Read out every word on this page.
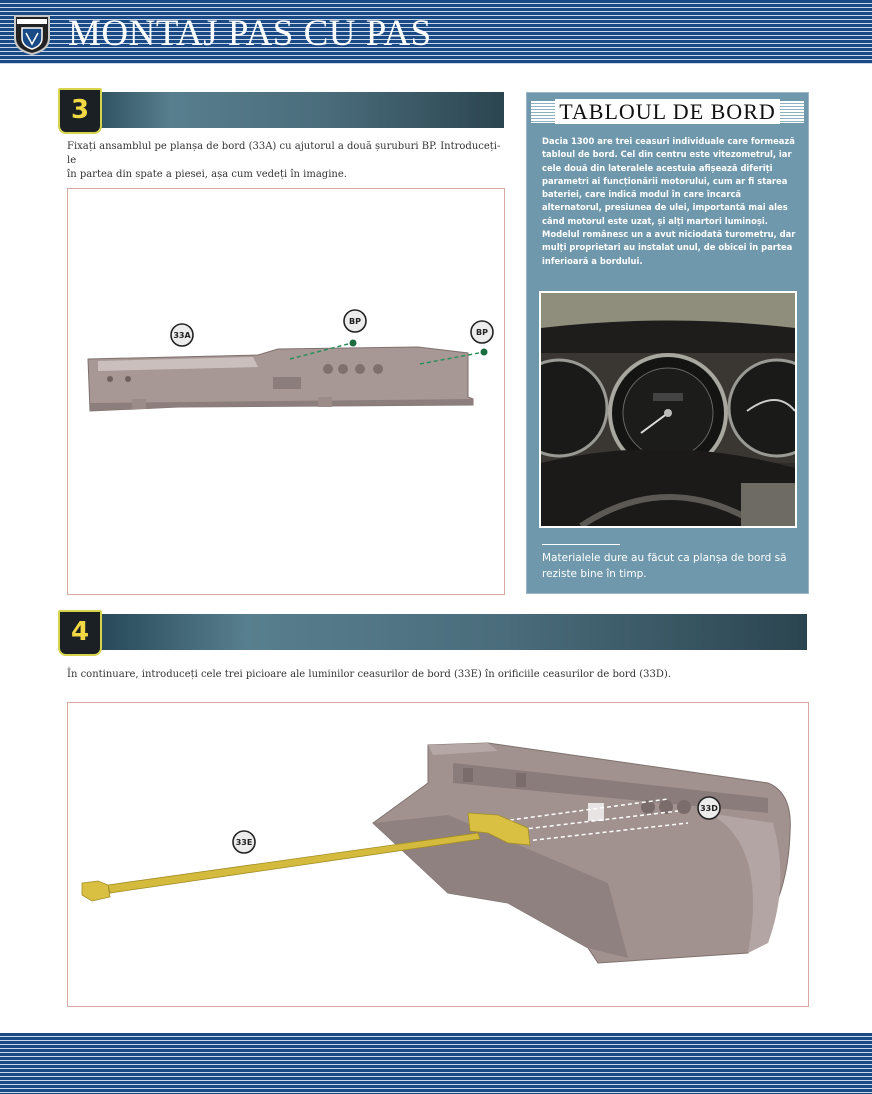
MONTAJ PAS CU PAS
3
Fixați ansamblul pe planșa de bord (33A) cu ajutorul a două șuruburi BP. Introduceți-le
în partea din spate a piesei, așa cum vedeți în imagine.
33A
BP
BP
TABLOUL DE BORD
Dacia 1300 are trei ceasuri individuale care formează tabloul de bord. Cel din centru este vitezometrul, iar cele două din lateralele acestuia afișează diferiți parametri ai funcționării motorului, cum ar fi starea bateriei, care indică modul în care încarcă alternatorul, presiunea de ulei, importantă mai ales când motorul este uzat, și alți martori luminoși. Modelul românesc un a avut niciodată turometru, dar mulți proprietari au instalat unul, de obicei în partea inferioară a bordului.
Materialele dure au făcut ca planșa de bord să reziste bine în timp.
4
În continuare, introduceți cele trei picioare ale luminilor ceasurilor de bord (33E) în orificiile ceasurilor de bord (33D).
33E
33D
